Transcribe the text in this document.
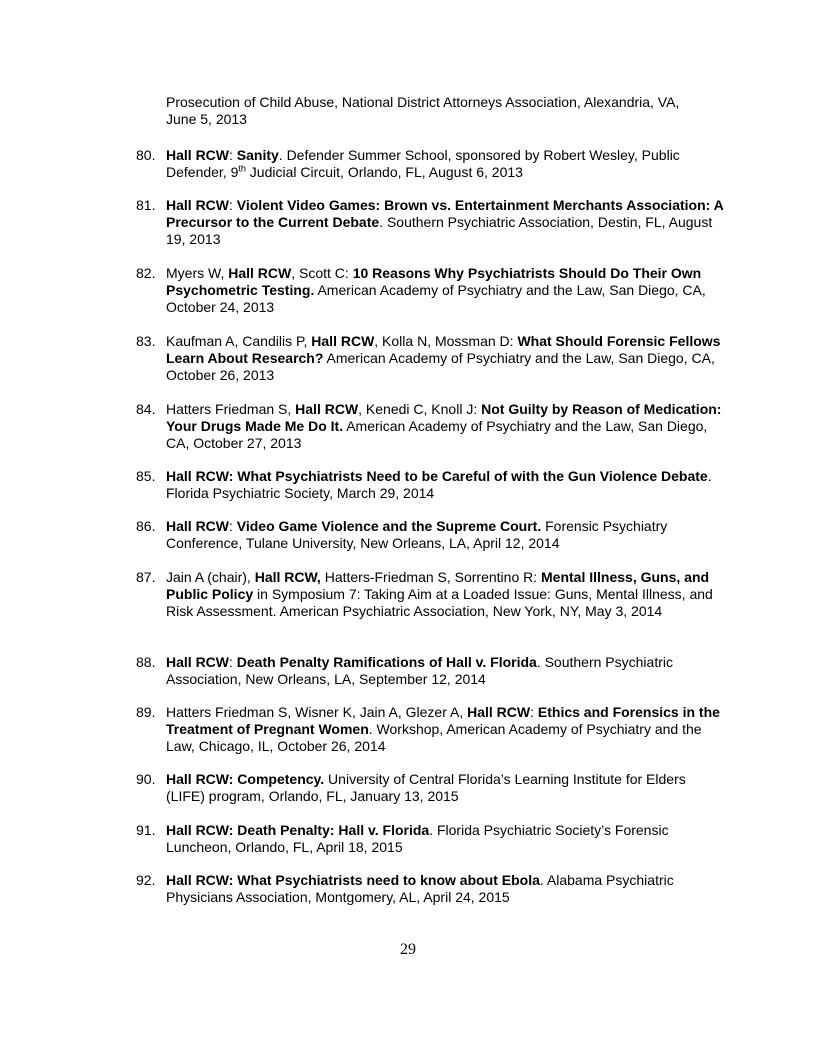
Prosecution of Child Abuse, National District Attorneys Association, Alexandria, VA,
June 5, 2013
80. Hall RCW: Sanity. Defender Summer School, sponsored by Robert Wesley, Public Defender, 9th Judicial Circuit, Orlando, FL, August 6, 2013
81. Hall RCW: Violent Video Games: Brown vs. Entertainment Merchants Association: A Precursor to the Current Debate. Southern Psychiatric Association, Destin, FL, August 19, 2013
82. Myers W, Hall RCW, Scott C: 10 Reasons Why Psychiatrists Should Do Their Own Psychometric Testing. American Academy of Psychiatry and the Law, San Diego, CA, October 24, 2013
83. Kaufman A, Candilis P, Hall RCW, Kolla N, Mossman D: What Should Forensic Fellows Learn About Research? American Academy of Psychiatry and the Law, San Diego, CA, October 26, 2013
84. Hatters Friedman S, Hall RCW, Kenedi C, Knoll J: Not Guilty by Reason of Medication: Your Drugs Made Me Do It. American Academy of Psychiatry and the Law, San Diego, CA, October 27, 2013
85. Hall RCW: What Psychiatrists Need to be Careful of with the Gun Violence Debate. Florida Psychiatric Society, March 29, 2014
86. Hall RCW: Video Game Violence and the Supreme Court. Forensic Psychiatry Conference, Tulane University, New Orleans, LA, April 12, 2014
87. Jain A (chair), Hall RCW, Hatters-Friedman S, Sorrentino R: Mental Illness, Guns, and Public Policy in Symposium 7: Taking Aim at a Loaded Issue: Guns, Mental Illness, and Risk Assessment. American Psychiatric Association, New York, NY, May 3, 2014
88. Hall RCW: Death Penalty Ramifications of Hall v. Florida. Southern Psychiatric Association, New Orleans, LA, September 12, 2014
89. Hatters Friedman S, Wisner K, Jain A, Glezer A, Hall RCW: Ethics and Forensics in the Treatment of Pregnant Women. Workshop, American Academy of Psychiatry and the Law, Chicago, IL, October 26, 2014
90. Hall RCW: Competency. University of Central Florida’s Learning Institute for Elders (LIFE) program, Orlando, FL, January 13, 2015
91. Hall RCW: Death Penalty: Hall v. Florida. Florida Psychiatric Society’s Forensic Luncheon, Orlando, FL, April 18, 2015
92. Hall RCW: What Psychiatrists need to know about Ebola. Alabama Psychiatric Physicians Association, Montgomery, AL, April 24, 2015
29
